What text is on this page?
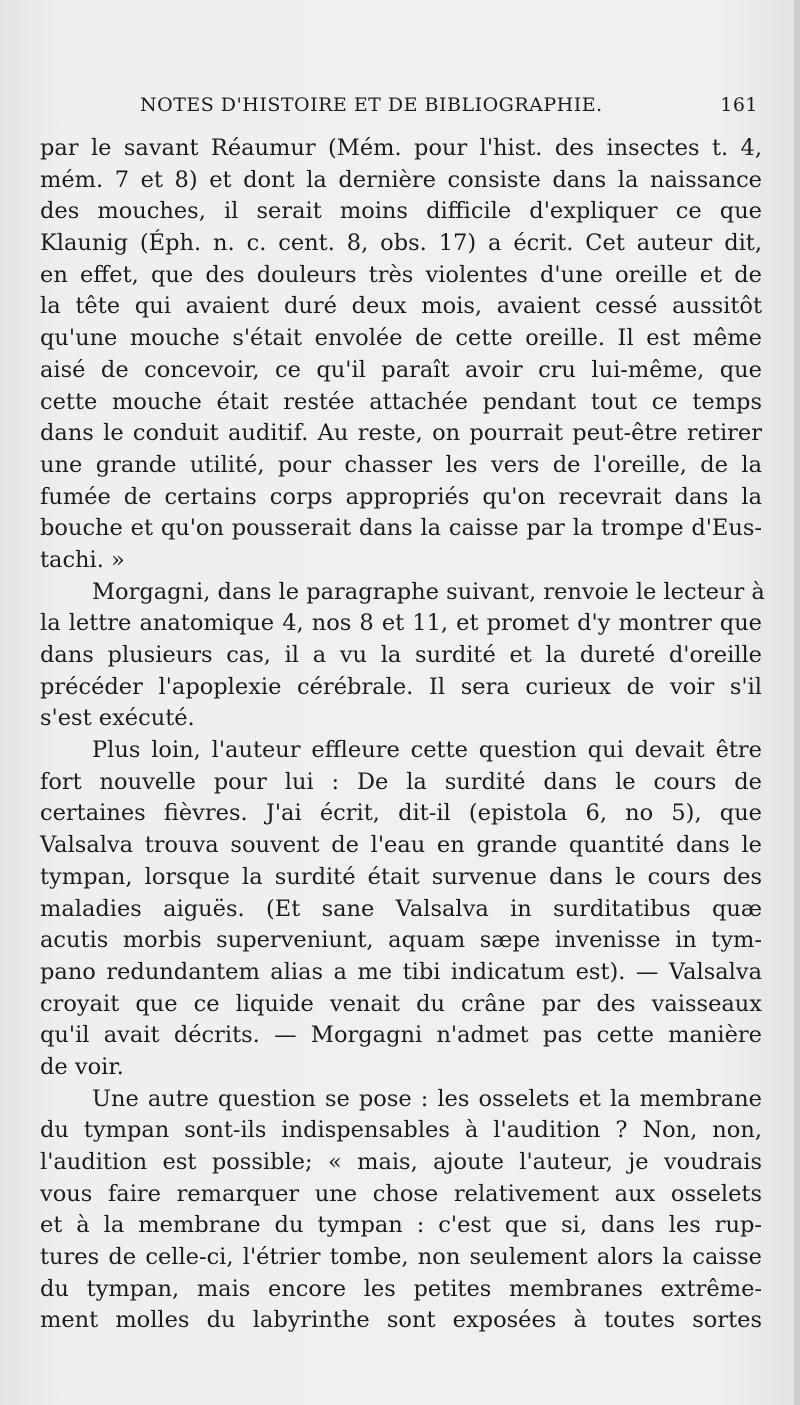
NOTES D'HISTOIRE ET DE BIBLIOGRAPHIE.	161
par le savant Réaumur (Mém. pour l'hist. des insectes t. 4,
mém. 7 et 8) et dont la dernière consiste dans la naissance
des mouches, il serait moins difficile d'expliquer ce que
Klaunig (Éph. n. c. cent. 8, obs. 17) a écrit. Cet auteur dit,
en effet, que des douleurs très violentes d'une oreille et de
la tête qui avaient duré deux mois, avaient cessé aussitôt
qu'une mouche s'était envolée de cette oreille. Il est même
aisé de concevoir, ce qu'il paraît avoir cru lui-même, que
cette mouche était restée attachée pendant tout ce temps
dans le conduit auditif. Au reste, on pourrait peut-être retirer
une grande utilité, pour chasser les vers de l'oreille, de la
fumée de certains corps appropriés qu'on recevrait dans la
bouche et qu'on pousserait dans la caisse par la trompe d'Eus-
tachi. »
Morgagni, dans le paragraphe suivant, renvoie le lecteur à
la lettre anatomique 4, nos 8 et 11, et promet d'y montrer que
dans plusieurs cas, il a vu la surdité et la dureté d'oreille
précéder l'apoplexie cérébrale. Il sera curieux de voir s'il
s'est exécuté.
Plus loin, l'auteur effleure cette question qui devait être
fort nouvelle pour lui : De la surdité dans le cours de
certaines fièvres. J'ai écrit, dit-il (epistola 6, no 5), que
Valsalva trouva souvent de l'eau en grande quantité dans le
tympan, lorsque la surdité était survenue dans le cours des
maladies aiguës. (Et sane Valsalva in surditatibus quæ
acutis morbis superveniunt, aquam sæpe invenisse in tym-
pano redundantem alias a me tibi indicatum est). — Valsalva
croyait que ce liquide venait du crâne par des vaisseaux
qu'il avait décrits. — Morgagni n'admet pas cette manière
de voir.
Une autre question se pose : les osselets et la membrane
du tympan sont-ils indispensables à l'audition ? Non, non,
l'audition est possible; « mais, ajoute l'auteur, je voudrais
vous faire remarquer une chose relativement aux osselets
et à la membrane du tympan : c'est que si, dans les rup-
tures de celle-ci, l'étrier tombe, non seulement alors la caisse
du tympan, mais encore les petites membranes extrême-
ment molles du labyrinthe sont exposées à toutes sortes
